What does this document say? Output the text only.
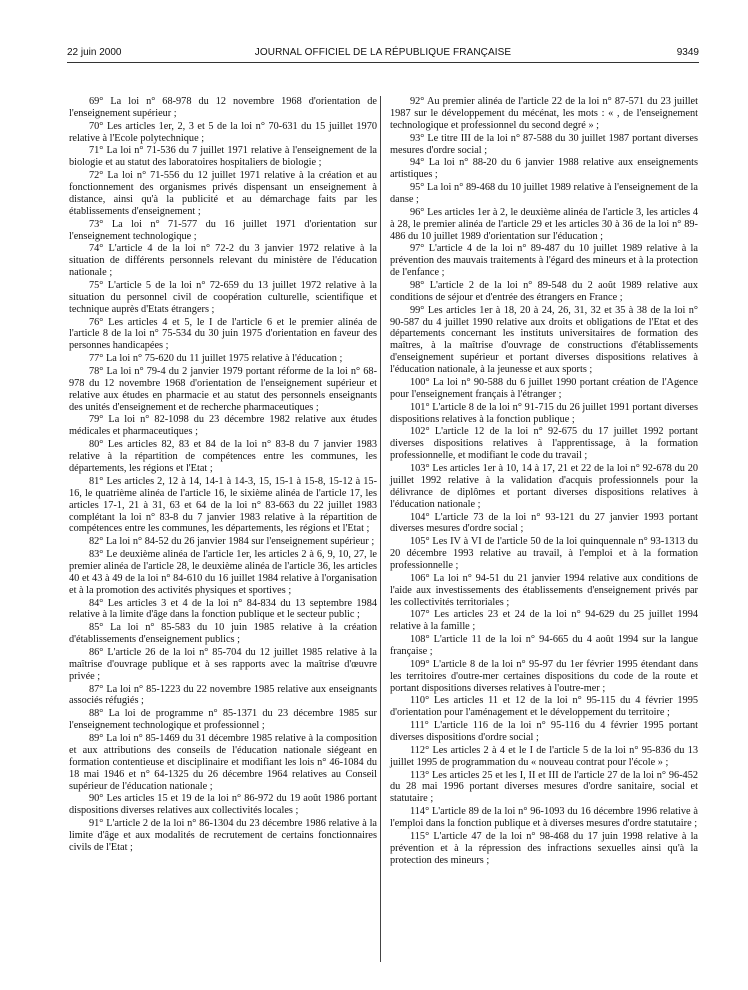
22 juin 2000	JOURNAL OFFICIEL DE LA RÉPUBLIQUE FRANÇAISE	9349

69° La loi n° 68-978 du 12 novembre 1968 d'orientation de l'enseignement supérieur ;

70° Les articles 1er, 2, 3 et 5 de la loi n° 70-631 du 15 juillet 1970 relative à l'Ecole polytechnique ;

71° La loi n° 71-536 du 7 juillet 1971 relative à l'enseignement de la biologie et au statut des laboratoires hospitaliers de biologie ;

72° La loi n° 71-556 du 12 juillet 1971 relative à la création et au fonctionnement des organismes privés dispensant un enseignement à distance, ainsi qu'à la publicité et au démarchage faits par les établissements d'enseignement ;

73° La loi n° 71-577 du 16 juillet 1971 d'orientation sur l'enseignement technologique ;

74° L'article 4 de la loi n° 72-2 du 3 janvier 1972 relative à la situation de différents personnels relevant du ministère de l'éducation nationale ;

75° L'article 5 de la loi n° 72-659 du 13 juillet 1972 relative à la situation du personnel civil de coopération culturelle, scientifique et technique auprès d'Etats étrangers ;

76° Les articles 4 et 5, le I de l'article 6 et le premier alinéa de l'article 8 de la loi n° 75-534 du 30 juin 1975 d'orientation en faveur des personnes handicapées ;

77° La loi n° 75-620 du 11 juillet 1975 relative à l'éducation ;

78° La loi n° 79-4 du 2 janvier 1979 portant réforme de la loi n° 68-978 du 12 novembre 1968 d'orientation de l'enseignement supérieur et relative aux études en pharmacie et au statut des personnels enseignants des unités d'enseignement et de recherche pharmaceutiques ;

79° La loi n° 82-1098 du 23 décembre 1982 relative aux études médicales et pharmaceutiques ;

80° Les articles 82, 83 et 84 de la loi n° 83-8 du 7 janvier 1983 relative à la répartition de compétences entre les communes, les départements, les régions et l'Etat ;

81° Les articles 2, 12 à 14, 14-1 à 14-3, 15, 15-1 à 15-8, 15-12 à 15-16, le quatrième alinéa de l'article 16, le sixième alinéa de l'article 17, les articles 17-1, 21 à 31, 63 et 64 de la loi n° 83-663 du 22 juillet 1983 complétant la loi n° 83-8 du 7 janvier 1983 relative à la répartition de compétences entre les communes, les départements, les régions et l'Etat ;

82° La loi n° 84-52 du 26 janvier 1984 sur l'enseignement supérieur ;

83° Le deuxième alinéa de l'article 1er, les articles 2 à 6, 9, 10, 27, le premier alinéa de l'article 28, le deuxième alinéa de l'article 36, les articles 40 et 43 à 49 de la loi n° 84-610 du 16 juillet 1984 relative à l'organisation et à la promotion des activités physiques et sportives ;

84° Les articles 3 et 4 de la loi n° 84-834 du 13 septembre 1984 relative à la limite d'âge dans la fonction publique et le secteur public ;

85° La loi n° 85-583 du 10 juin 1985 relative à la création d'établissements d'enseignement publics ;

86° L'article 26 de la loi n° 85-704 du 12 juillet 1985 relative à la maîtrise d'ouvrage publique et à ses rapports avec la maîtrise d'œuvre privée ;

87° La loi n° 85-1223 du 22 novembre 1985 relative aux enseignants associés réfugiés ;

88° La loi de programme n° 85-1371 du 23 décembre 1985 sur l'enseignement technologique et professionnel ;

89° La loi n° 85-1469 du 31 décembre 1985 relative à la composition et aux attributions des conseils de l'éducation nationale siégeant en formation contentieuse et disciplinaire et modifiant les lois n° 46-1084 du 18 mai 1946 et n° 64-1325 du 26 décembre 1964 relatives au Conseil supérieur de l'éducation nationale ;

90° Les articles 15 et 19 de la loi n° 86-972 du 19 août 1986 portant dispositions diverses relatives aux collectivités locales ;

91° L'article 2 de la loi n° 86-1304 du 23 décembre 1986 relative à la limite d'âge et aux modalités de recrutement de certains fonctionnaires civils de l'Etat ;

92° Au premier alinéa de l'article 22 de la loi n° 87-571 du 23 juillet 1987 sur le développement du mécénat, les mots : « , de l'enseignement technologique et professionnel du second degré » ;

93° Le titre III de la loi n° 87-588 du 30 juillet 1987 portant diverses mesures d'ordre social ;

94° La loi n° 88-20 du 6 janvier 1988 relative aux enseignements artistiques ;

95° La loi n° 89-468 du 10 juillet 1989 relative à l'enseignement de la danse ;

96° Les articles 1er à 2, le deuxième alinéa de l'article 3, les articles 4 à 28, le premier alinéa de l'article 29 et les articles 30 à 36 de la loi n° 89-486 du 10 juillet 1989 d'orientation sur l'éducation ;

97° L'article 4 de la loi n° 89-487 du 10 juillet 1989 relative à la prévention des mauvais traitements à l'égard des mineurs et à la protection de l'enfance ;

98° L'article 2 de la loi n° 89-548 du 2 août 1989 relative aux conditions de séjour et d'entrée des étrangers en France ;

99° Les articles 1er à 18, 20 à 24, 26, 31, 32 et 35 à 38 de la loi n° 90-587 du 4 juillet 1990 relative aux droits et obligations de l'Etat et des départements concernant les instituts universitaires de formation des maîtres, à la maîtrise d'ouvrage de constructions d'établissements d'enseignement supérieur et portant diverses dispositions relatives à l'éducation nationale, à la jeunesse et aux sports ;

100° La loi n° 90-588 du 6 juillet 1990 portant création de l'Agence pour l'enseignement français à l'étranger ;

101° L'article 8 de la loi n° 91-715 du 26 juillet 1991 portant diverses dispositions relatives à la fonction publique ;

102° L'article 12 de la loi n° 92-675 du 17 juillet 1992 portant diverses dispositions relatives à l'apprentissage, à la formation professionnelle, et modifiant le code du travail ;

103° Les articles 1er à 10, 14 à 17, 21 et 22 de la loi n° 92-678 du 20 juillet 1992 relative à la validation d'acquis professionnels pour la délivrance de diplômes et portant diverses dispositions relatives à l'éducation nationale ;

104° L'article 73 de la loi n° 93-121 du 27 janvier 1993 portant diverses mesures d'ordre social ;

105° Les IV à VI de l'article 50 de la loi quinquennale n° 93-1313 du 20 décembre 1993 relative au travail, à l'emploi et à la formation professionnelle ;

106° La loi n° 94-51 du 21 janvier 1994 relative aux conditions de l'aide aux investissements des établissements d'enseignement privés par les collectivités territoriales ;

107° Les articles 23 et 24 de la loi n° 94-629 du 25 juillet 1994 relative à la famille ;

108° L'article 11 de la loi n° 94-665 du 4 août 1994 sur la langue française ;

109° L'article 8 de la loi n° 95-97 du 1er février 1995 étendant dans les territoires d'outre-mer certaines dispositions du code de la route et portant dispositions diverses relatives à l'outre-mer ;

110° Les articles 11 et 12 de la loi n° 95-115 du 4 février 1995 d'orientation pour l'aménagement et le développement du territoire ;

111° L'article 116 de la loi n° 95-116 du 4 février 1995 portant diverses dispositions d'ordre social ;

112° Les articles 2 à 4 et le I de l'article 5 de la loi n° 95-836 du 13 juillet 1995 de programmation du « nouveau contrat pour l'école » ;

113° Les articles 25 et les I, II et III de l'article 27 de la loi n° 96-452 du 28 mai 1996 portant diverses mesures d'ordre sanitaire, social et statutaire ;

114° L'article 89 de la loi n° 96-1093 du 16 décembre 1996 relative à l'emploi dans la fonction publique et à diverses mesures d'ordre statutaire ;

115° L'article 47 de la loi n° 98-468 du 17 juin 1998 relative à la prévention et à la répression des infractions sexuelles ainsi qu'à la protection des mineurs ;
